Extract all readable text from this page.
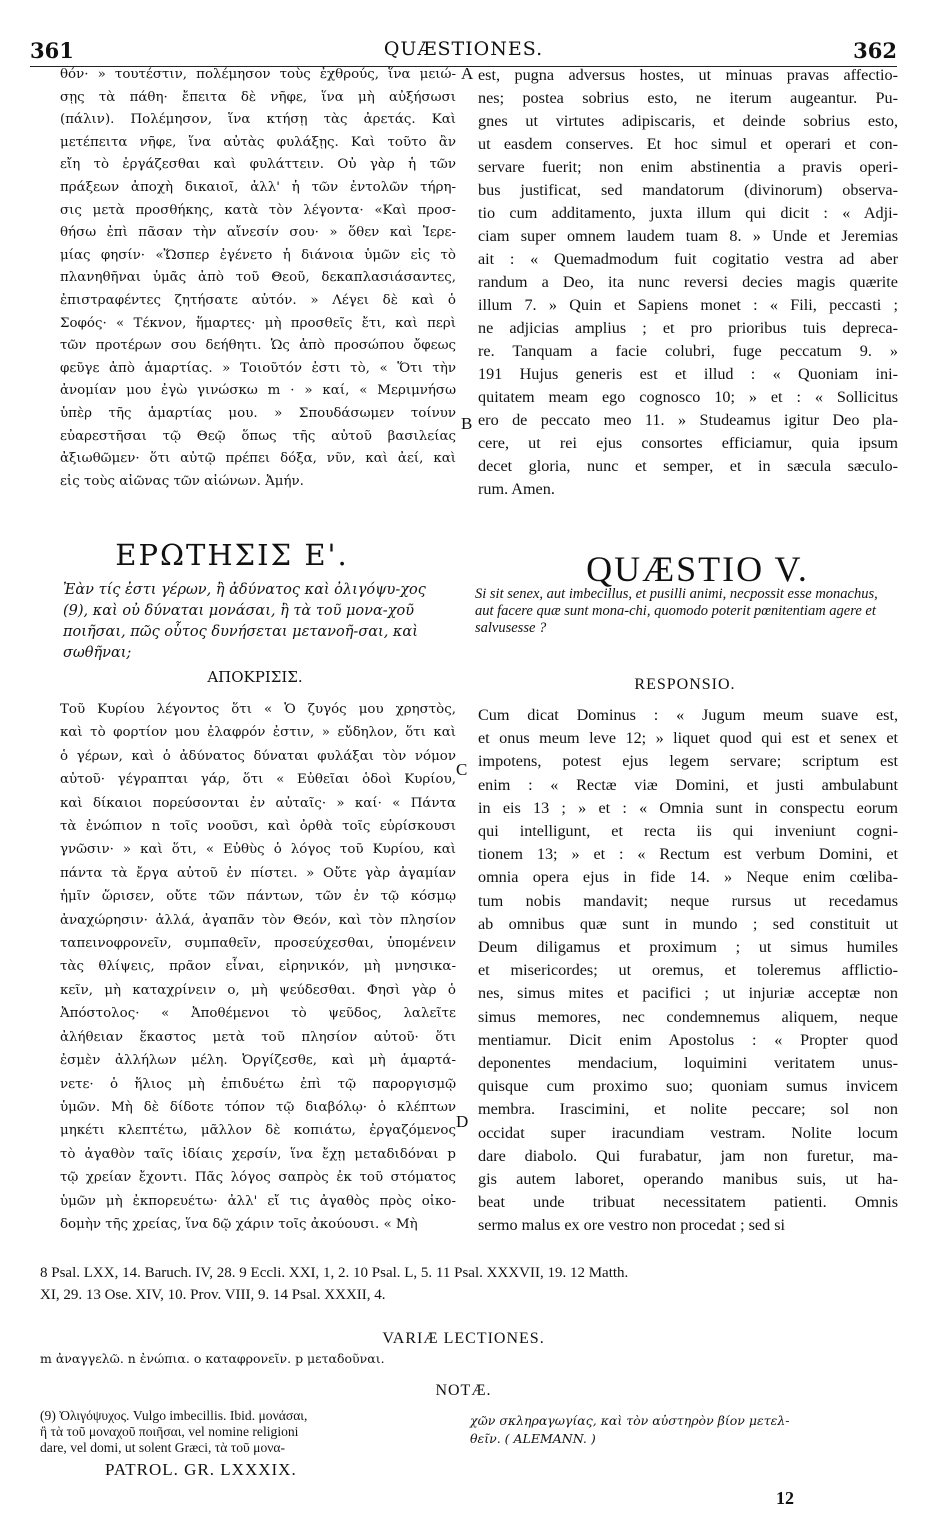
361	QUÆSTIONES.	362
θόν· » τουτέστιν, πολέμησον τοὺς ἐχθρούς, ἵνα μειώ-
σῃς τὰ πάθη· ἔπειτα δὲ νῆφε, ἵνα μὴ αὐξήσωσι
(πάλιν). Πολέμησον, ἵνα κτήσῃ τὰς ἀρετάς. Καὶ
μετέπειτα νῆφε, ἵνα αὐτὰς φυλάξῃς. Καὶ τοῦτο ἂν
εἴη τὸ ἐργάζεσθαι καὶ φυλάττειν. Οὐ γὰρ ἡ τῶν
πράξεων ἀποχὴ δικαιοῖ, ἀλλ' ἡ τῶν ἐντολῶν τήρη-
σις μετὰ προσθήκης, κατὰ τὸν λέγοντα· «Καὶ προσ-
θήσω ἐπὶ πᾶσαν τὴν αἴνεσίν σου· » ὅθεν καὶ Ἱερε-
μίας φησίν· «Ὥσπερ ἐγένετο ἡ διάνοια ὑμῶν εἰς τὸ
πλανηθῆναι ὑμᾶς ἀπὸ τοῦ Θεοῦ, δεκαπλασιάσαντες,
ἐπιστραφέντες ζητήσατε αὐτόν. » Λέγει δὲ καὶ ὁ
Σοφός· « Τέκνον, ἥμαρτες· μὴ προσθεῖς ἔτι, καὶ περὶ
τῶν προτέρων σου δεήθητι. Ὡς ἀπὸ προσώπου ὄφεως
φεῦγε ἀπὸ ἁμαρτίας. » Τοιοῦτόν ἐστι τὸ, « Ὅτι τὴν
ἀνομίαν μου ἐγὼ γινώσκω m · » καί, « Μεριμνήσω
ὑπὲρ τῆς ἁμαρτίας μου. » Σπουδάσωμεν τοίνυν
εὐαρεστῆσαι τῷ Θεῷ ὅπως τῆς αὐτοῦ βασιλείας
ἀξιωθῶμεν· ὅτι αὐτῷ πρέπει δόξα, νῦν, καὶ ἀεί, καὶ
εἰς τοὺς αἰῶνας τῶν αἰώνων. Ἀμήν.
est, pugna adversus hostes, ut minuas pravas affectio-
nes; postea sobrius esto, ne iterum augeantur. Pu-
gnes ut virtutes adipiscaris, et deinde sobrius esto,
ut easdem conserves. Et hoc simul et operari et con-
servare fuerit; non enim abstinentia a pravis operi-
bus justificat, sed mandatorum (divinorum) observa-
tio cum additamento, juxta illum qui dicit : « Adji-
ciam super omnem laudem tuam 8. » Unde et Jeremias
ait : « Quemadmodum fuit cogitatio vestra ad aber
randum a Deo, ita nunc reversi decies magis quærite
illum 7. » Quin et Sapiens monet : « Fili, peccasti ;
ne adjicias amplius ; et pro prioribus tuis depreca-
re. Tanquam a facie colubri, fuge peccatum 9. »
191 Hujus generis est et illud : « Quoniam ini-
quitatem meam ego cognosco 10; » et : « Sollicitus
ero de peccato meo 11. » Studeamus igitur Deo pla-
cere, ut rei ejus consortes efficiamur, quia ipsum
decet gloria, nunc et semper, et in sæcula sæculo-
rum. Amen.
A
B
C
D
ΕΡΩΤΗΣΙΣ Ε'.	QUÆSTIO V.
Ἐὰν τίς ἐστι γέρων, ἢ ἀδύνατος καὶ ὀλιγόψυ-χος (9), καὶ οὐ δύναται μονάσαι, ἢ τὰ τοῦ μονα-χοῦ ποιῆσαι, πῶς οὗτος δυνήσεται μετανοῆ-σαι, καὶ σωθῆναι;
Si sit senex, aut imbecillus, et pusilli animi, necpossit esse monachus, aut facere quæ sunt mona-chi, quomodo poterit pœnitentiam agere et salvusesse ?
ΑΠΟΚΡΙΣΙΣ.	RESPONSIO.
Τοῦ Κυρίου λέγοντος ὅτι « Ὁ ζυγός μου χρηστὸς,
καὶ τὸ φορτίον μου ἐλαφρόν ἐστιν, » εὔδηλον, ὅτι καὶ
ὁ γέρων, καὶ ὁ ἀδύνατος δύναται φυλάξαι τὸν νόμον
αὐτοῦ· γέγραπται γάρ, ὅτι « Εὐθεῖαι ὁδοὶ Κυρίου,
καὶ δίκαιοι πορεύσονται ἐν αὐταῖς· » καί· « Πάντα
τὰ ἐνώπιον n τοῖς νοοῦσι, καὶ ὀρθὰ τοῖς εὑρίσκουσι
γνῶσιν· » καὶ ὅτι, « Εὐθὺς ὁ λόγος τοῦ Κυρίου, καὶ
πάντα τὰ ἔργα αὐτοῦ ἐν πίστει. » Οὔτε γὰρ ἀγαμίαν
ἡμῖν ὥρισεν, οὔτε τῶν πάντων, τῶν ἐν τῷ κόσμῳ
ἀναχώρησιν· ἀλλά, ἀγαπᾶν τὸν Θεόν, καὶ τὸν πλησίον
ταπεινοφρονεῖν, συμπαθεῖν, προσεύχεσθαι, ὑπομένειν
τὰς θλίψεις, πρᾶον εἶναι, εἰρηνικόν, μὴ μνησικα-
κεῖν, μὴ καταχρίνειν o, μὴ ψεύδεσθαι. Φησὶ γὰρ ὁ
Ἀπόστολος· « Ἀποθέμενοι τὸ ψεῦδος, λαλεῖτε
ἀλήθειαν ἕκαστος μετὰ τοῦ πλησίον αὐτοῦ· ὅτι
ἐσμὲν ἀλλήλων μέλη. Ὀργίζεσθε, καὶ μὴ ἁμαρτά-
νετε· ὁ ἥλιος μὴ ἐπιδυέτω ἐπὶ τῷ παροργισμῷ
ὑμῶν. Μὴ δὲ δίδοτε τόπον τῷ διαβόλῳ· ὁ κλέπτων
μηκέτι κλεπτέτω, μᾶλλον δὲ κοπιάτω, ἐργαζόμενος
τὸ ἀγαθὸν ταῖς ἰδίαις χερσίν, ἵνα ἔχῃ μεταδιδόναι p
τῷ χρείαν ἔχοντι. Πᾶς λόγος σαπρὸς ἐκ τοῦ στόματος
ὑμῶν μὴ ἐκπορευέτω· ἀλλ' εἴ τις ἀγαθὸς πρὸς οἰκο-
δομὴν τῆς χρείας, ἵνα δῷ χάριν τοῖς ἀκούουσι. « Μὴ
Cum dicat Dominus : « Jugum meum suave est,
et onus meum leve 12; » liquet quod qui est et senex et
impotens, potest ejus legem servare; scriptum est
enim : « Rectæ viæ Domini, et justi ambulabunt
in eis 13 ; » et : « Omnia sunt in conspectu eorum
qui intelligunt, et recta iis qui inveniunt cogni-
tionem 13; » et : « Rectum est verbum Domini, et
omnia opera ejus in fide 14. » Neque enim cœliba-
tum nobis mandavit; neque rursus ut recedamus
ab omnibus quæ sunt in mundo ; sed constituit ut
Deum diligamus et proximum ; ut simus humiles
et misericordes; ut oremus, et toleremus afflictio-
nes, simus mites et pacifici ; ut injuriæ acceptæ non
simus memores, nec condemnemus aliquem, neque
mentiamur. Dicit enim Apostolus : « Propter quod
deponentes mendacium, loquimini veritatem unus-
quisque cum proximo suo; quoniam sumus invicem
membra. Irascimini, et nolite peccare; sol non
occidat super iracundiam vestram. Nolite locum
dare diabolo. Qui furabatur, jam non furetur, ma-
gis autem laboret, operando manibus suis, ut ha-
beat unde tribuat necessitatem patienti. Omnis
sermo malus ex ore vestro non procedat ; sed si
8 Psal. LXX, 14. Baruch. IV, 28. 9 Eccli. XXI, 1, 2. 10 Psal. L, 5. 11 Psal. XXXVII, 19. 12 Matth.
XI, 29. 13 Ose. XIV, 10. Prov. VIII, 9. 14 Psal. XXXII, 4.
VARIÆ LECTIONES.
m ἀναγγελῶ. n ἐνώπια. o καταφρονεῖν. p μεταδοῦναι.
NOTÆ.
(9) Ὀλιγόψυχος. Vulgo imbecillis. Ibid. μονάσαι,
ἢ τὰ τοῦ μοναχοῦ ποιῆσαι, vel nomine religioni
dare, vel domi, ut solent Græci, τὰ τοῦ μονα-
χῶν σκληραγωγίας, καὶ τὸν αὐστηρὸν βίον μετελ-
θεῖν. ( ALEMANN. )
PATROL. GR. LXXXIX.
12
